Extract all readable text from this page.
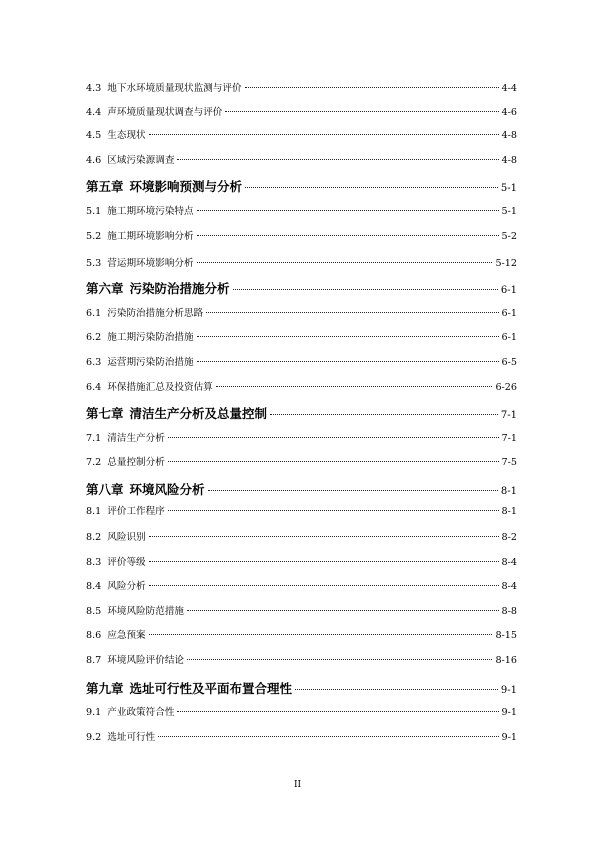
4.3 地下水环境质量现状监测与评价	4-4
4.4 声环境质量现状调查与评价	4-6
4.5 生态现状	4-8
4.6 区域污染源调查	4-8
第五章 环境影响预测与分析	5-1
5.1 施工期环境污染特点	5-1
5.2 施工期环境影响分析	5-2
5.3 营运期环境影响分析	5-12
第六章 污染防治措施分析	6-1
6.1 污染防治措施分析思路	6-1
6.2 施工期污染防治措施	6-1
6.3 运营期污染防治措施	6-5
6.4 环保措施汇总及投资估算	6-26
第七章 清洁生产分析及总量控制	7-1
7.1 清洁生产分析	7-1
7.2 总量控制分析	7-5
第八章 环境风险分析	8-1
8.1 评价工作程序	8-1
8.2 风险识别	8-2
8.3 评价等级	8-4
8.4 风险分析	8-4
8.5 环境风险防范措施	8-8
8.6 应急预案	8-15
8.7 环境风险评价结论	8-16
第九章 选址可行性及平面布置合理性	9-1
9.1 产业政策符合性	9-1
9.2 选址可行性	9-1
II
